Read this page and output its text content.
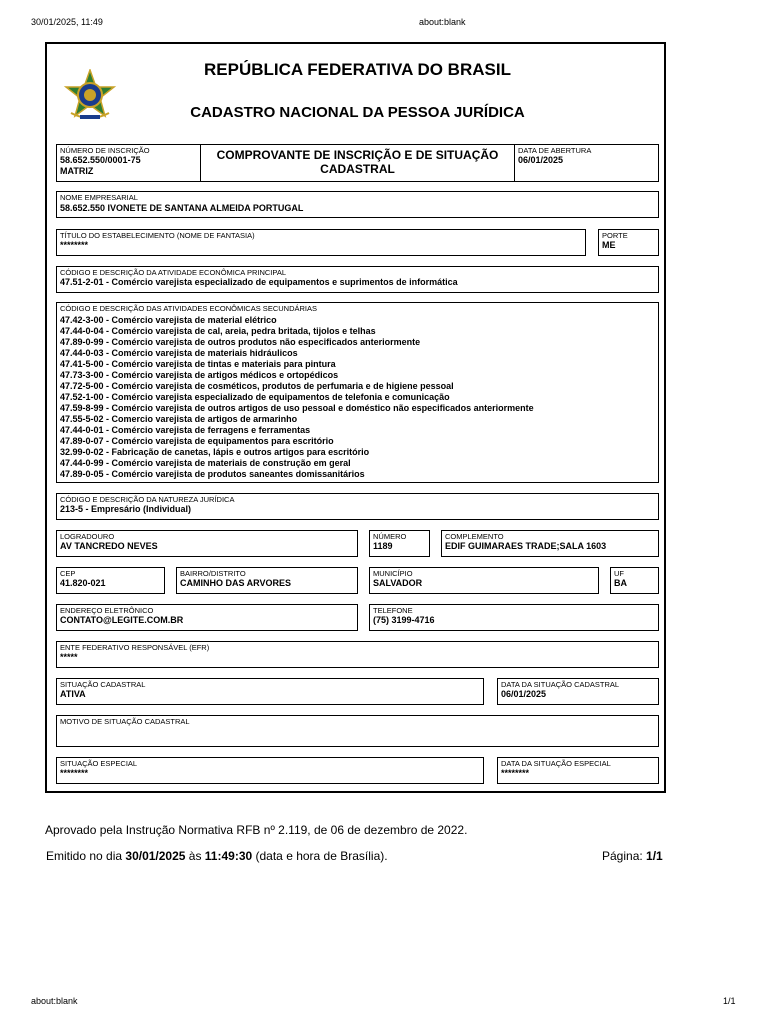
30/01/2025, 11:49	about:blank
REPÚBLICA FEDERATIVA DO BRASIL
CADASTRO NACIONAL DA PESSOA JURÍDICA
NÚMERO DE INSCRIÇÃO
58.652.550/0001-75
MATRIZ
COMPROVANTE DE INSCRIÇÃO E DE SITUAÇÃO
CADASTRAL
DATA DE ABERTURA
06/01/2025
NOME EMPRESARIAL
58.652.550 IVONETE DE SANTANA ALMEIDA PORTUGAL
TÍTULO DO ESTABELECIMENTO (NOME DE FANTASIA)
********
PORTE
ME
CÓDIGO E DESCRIÇÃO DA ATIVIDADE ECONÔMICA PRINCIPAL
47.51-2-01 - Comércio varejista especializado de equipamentos e suprimentos de informática
CÓDIGO E DESCRIÇÃO DAS ATIVIDADES ECONÔMICAS SECUNDÁRIAS
47.42-3-00 - Comércio varejista de material elétrico
47.44-0-04 - Comércio varejista de cal, areia, pedra britada, tijolos e telhas
47.89-0-99 - Comércio varejista de outros produtos não especificados anteriormente
47.44-0-03 - Comércio varejista de materiais hidráulicos
47.41-5-00 - Comércio varejista de tintas e materiais para pintura
47.73-3-00 - Comércio varejista de artigos médicos e ortopédicos
47.72-5-00 - Comércio varejista de cosméticos, produtos de perfumaria e de higiene pessoal
47.52-1-00 - Comércio varejista especializado de equipamentos de telefonia e comunicação
47.59-8-99 - Comércio varejista de outros artigos de uso pessoal e doméstico não especificados anteriormente
47.55-5-02 - Comercio varejista de artigos de armarinho
47.44-0-01 - Comércio varejista de ferragens e ferramentas
47.89-0-07 - Comércio varejista de equipamentos para escritório
32.99-0-02 - Fabricação de canetas, lápis e outros artigos para escritório
47.44-0-99 - Comércio varejista de materiais de construção em geral
47.89-0-05 - Comércio varejista de produtos saneantes domissanitários
CÓDIGO E DESCRIÇÃO DA NATUREZA JURÍDICA
213-5 - Empresário (Individual)
LOGRADOURO
AV TANCREDO NEVES
NÚMERO
1189
COMPLEMENTO
EDIF GUIMARAES TRADE;SALA 1603
CEP
41.820-021
BAIRRO/DISTRITO
CAMINHO DAS ARVORES
MUNICÍPIO
SALVADOR
UF
BA
ENDEREÇO ELETRÔNICO
CONTATO@LEGITE.COM.BR
TELEFONE
(75) 3199-4716
ENTE FEDERATIVO RESPONSÁVEL (EFR)
*****
SITUAÇÃO CADASTRAL
ATIVA
DATA DA SITUAÇÃO CADASTRAL
06/01/2025
MOTIVO DE SITUAÇÃO CADASTRAL
SITUAÇÃO ESPECIAL
********
DATA DA SITUAÇÃO ESPECIAL
********
Aprovado pela Instrução Normativa RFB nº 2.119, de 06 de dezembro de 2022.
Emitido no dia 30/01/2025 às 11:49:30 (data e hora de Brasília).	Página: 1/1
about:blank	1/1
